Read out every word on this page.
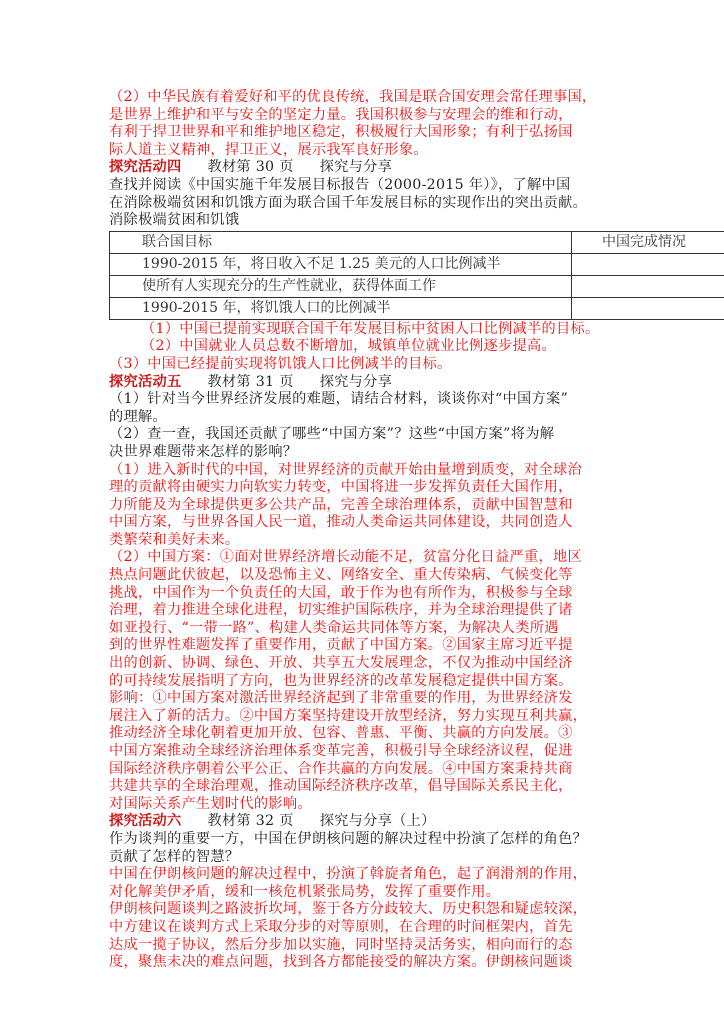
（2）中华民族有着爱好和平的优良传统，我国是联合国安理会常任理事国，
是世界上维护和平与安全的坚定力量。我国积极参与安理会的维和行动，
有利于捍卫世界和平和维护地区稳定，积极履行大国形象；有利于弘扬国
际人道主义精神，捍卫正义，展示我军良好形象。
探究活动四 教材第 30 页 探究与分享
查找并阅读《中国实施千年发展目标报告（2000-2015 年）》，了解中国
在消除极端贫困和饥饿方面为联合国千年发展目标的实现作出的突出贡献。
消除极端贫困和饥饿
联合国目标	中国完成情况
1990-2015 年，将日收入不足 1.25 美元的人口比例减半	
使所有人实现充分的生产性就业，获得体面工作	
1990-2015 年，将饥饿人口的比例减半	
（1）中国已提前实现联合国千年发展目标中贫困人口比例减半的目标。
（2）中国就业人员总数不断增加，城镇单位就业比例逐步提高。
（3）中国已经提前实现将饥饿人口比例减半的目标。
探究活动五 教材第 31 页 探究与分享
（1）针对当今世界经济发展的难题，请结合材料，谈谈你对“中国方案”
的理解。
（2）查一查，我国还贡献了哪些“中国方案”？这些“中国方案”将为解
决世界难题带来怎样的影响？
（1）进入新时代的中国，对世界经济的贡献开始由量增到质变，对全球治
理的贡献将由硬实力向软实力转变，中国将进一步发挥负责任大国作用，
力所能及为全球提供更多公共产品，完善全球治理体系，贡献中国智慧和
中国方案，与世界各国人民一道，推动人类命运共同体建设，共同创造人
类繁荣和美好未来。
（2）中国方案：①面对世界经济增长动能不足，贫富分化日益严重，地区
热点问题此伏彼起，以及恐怖主义、网络安全、重大传染病、气候变化等
挑战，中国作为一个负责任的大国，敢于作为也有所作为，积极参与全球
治理，着力推进全球化进程，切实维护国际秩序，并为全球治理提供了诸
如亚投行、“一带一路”、构建人类命运共同体等方案，为解决人类所遇
到的世界性难题发挥了重要作用，贡献了中国方案。②国家主席习近平提
出的创新、协调、绿色、开放、共享五大发展理念，不仅为推动中国经济
的可持续发展指明了方向，也为世界经济的改革发展稳定提供中国方案。
影响：①中国方案对激活世界经济起到了非常重要的作用，为世界经济发
展注入了新的活力。②中国方案坚持建设开放型经济，努力实现互利共赢，
推动经济全球化朝着更加开放、包容、普惠、平衡、共赢的方向发展。③
中国方案推动全球经济治理体系变革完善，积极引导全球经济议程，促进
国际经济秩序朝着公平公正、合作共赢的方向发展。④中国方案秉持共商
共建共享的全球治理观，推动国际经济秩序改革，倡导国际关系民主化，
对国际关系产生划时代的影响。
探究活动六 教材第 32 页 探究与分享（上）
作为谈判的重要一方，中国在伊朗核问题的解决过程中扮演了怎样的角色？
贡献了怎样的智慧？
中国在伊朗核问题的解决过程中，扮演了斡旋者角色，起了润滑剂的作用，
对化解美伊矛盾，缓和一核危机紧张局势，发挥了重要作用。
伊朗核问题谈判之路波折坎坷，鉴于各方分歧较大、历史积怨和疑虑较深，
中方建议在谈判方式上采取分步的对等原则，在合理的时间框架内，首先
达成一揽子协议，然后分步加以实施，同时坚持灵活务实，相向而行的态
度，聚焦未决的难点问题，找到各方都能接受的解决方案。伊朗核问题谈
